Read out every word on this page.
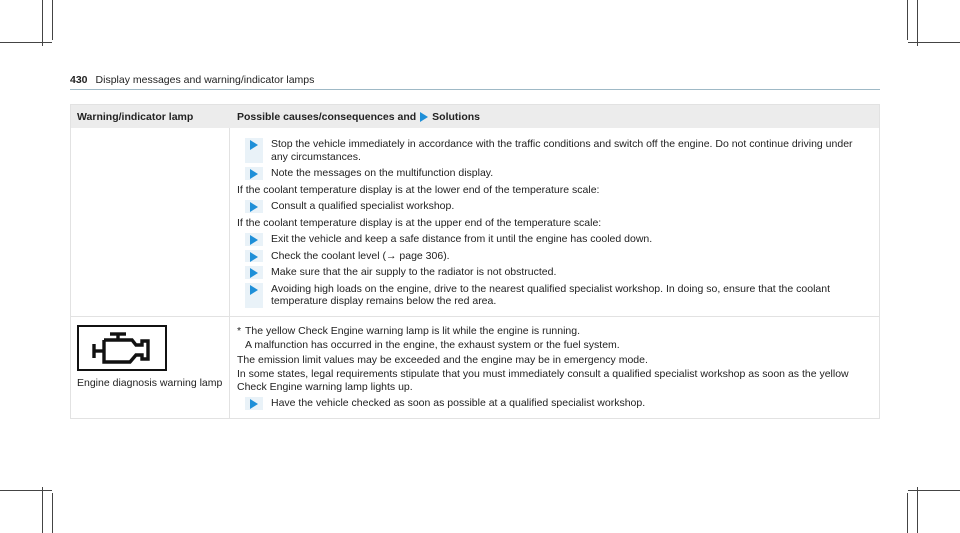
430 Display messages and warning/indicator lamps
Warning/indicator lamp	Possible causes/consequences and Solutions
Stop the vehicle immediately in accordance with the traffic conditions and switch off the engine. Do not continue driving under any circumstances.
Note the messages on the multifunction display.
If the coolant temperature display is at the lower end of the temperature scale:
Consult a qualified specialist workshop.
If the coolant temperature display is at the upper end of the temperature scale:
Exit the vehicle and keep a safe distance from it until the engine has cooled down.
Check the coolant level (→ page 306).
Make sure that the air supply to the radiator is not obstructed.
Avoiding high loads on the engine, drive to the nearest qualified specialist workshop. In doing so, ensure that the coolant temperature display remains below the red area.
Engine diagnosis warning lamp
* The yellow Check Engine warning lamp is lit while the engine is running.
A malfunction has occurred in the engine, the exhaust system or the fuel system.
The emission limit values may be exceeded and the engine may be in emergency mode.
In some states, legal requirements stipulate that you must immediately consult a qualified specialist workshop as soon as the yellow Check Engine warning lamp lights up.
Have the vehicle checked as soon as possible at a qualified specialist workshop.
